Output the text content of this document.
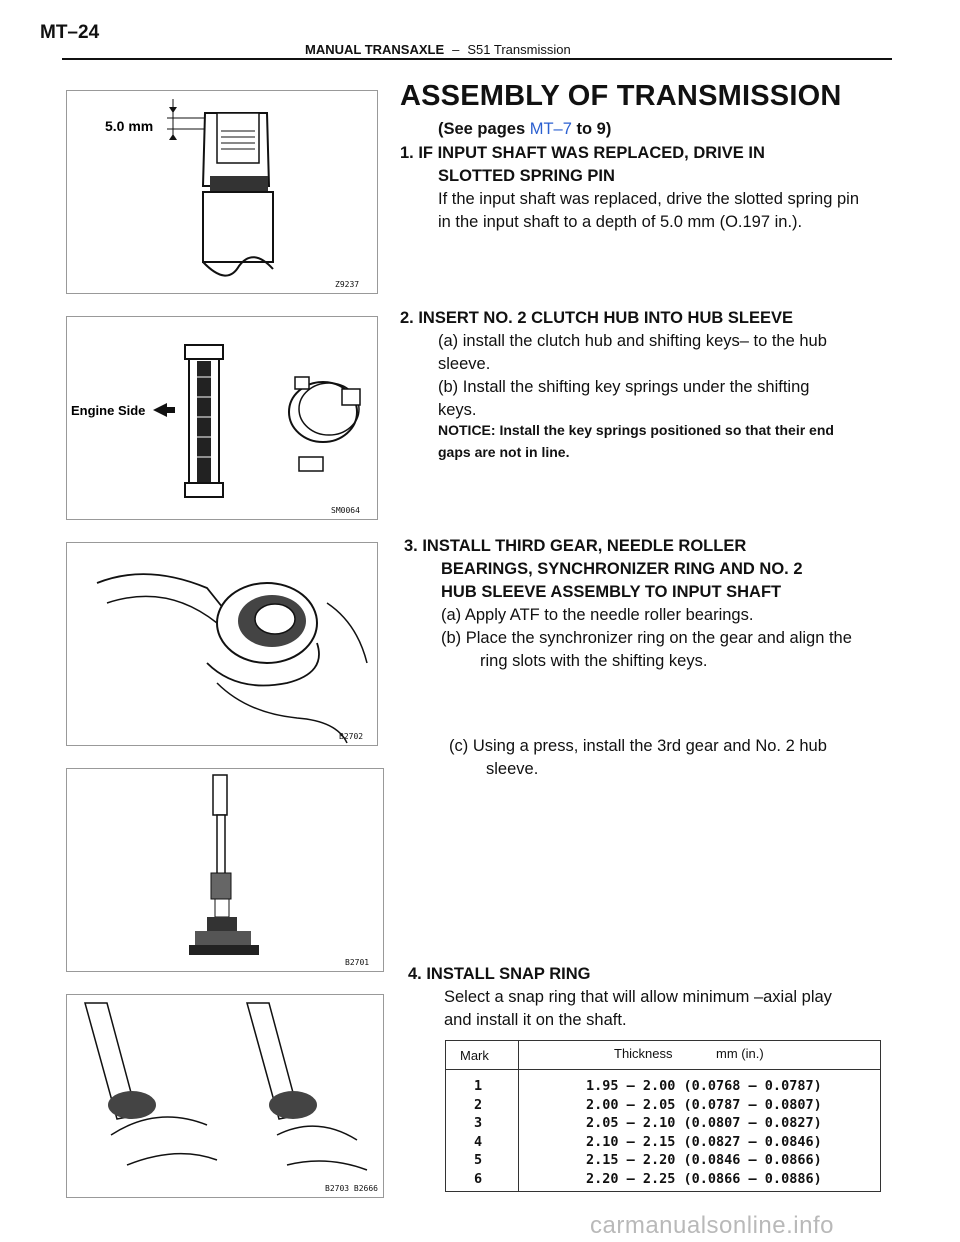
MT–24
MANUAL TRANSAXLE – S51 Transmission
5.0 mm
Z9237
Engine Side
SM0064
B2702
B2701
B2703 B2666
ASSEMBLY OF TRANSMISSION
(See pages MT–7 to 9)
1. IF INPUT SHAFT WAS REPLACED, DRIVE IN
SLOTTED SPRING PIN
If the input shaft was replaced, drive the slotted spring pin
in the input shaft to a depth of 5.0 mm (O.197 in.).
2. INSERT NO. 2 CLUTCH HUB INTO HUB SLEEVE
(a) install the clutch hub and shifting keys– to the hub
sleeve.
(b) Install the shifting key springs under the shifting
keys.
NOTICE: Install the key springs positioned so that their end
gaps are not in line.
3. INSTALL THIRD GEAR, NEEDLE ROLLER
BEARINGS, SYNCHRONIZER RING AND NO. 2
HUB SLEEVE ASSEMBLY TO INPUT SHAFT
(a) Apply ATF to the needle roller bearings.
(b) Place the synchronizer ring on the gear and align the
ring slots with the shifting keys.
(c) Using a press, install the 3rd gear and No. 2 hub
sleeve.
4. INSTALL SNAP RING
Select a snap ring that will allow minimum –axial play
and install it on the shaft.
Mark	Thickness	mm (in.)
1
2
3
4
5
6
1.95 — 2.00 (0.0768 — 0.0787)
2.00 — 2.05 (0.0787 — 0.0807)
2.05 — 2.10 (0.0807 — 0.0827)
2.10 — 2.15 (0.0827 — 0.0846)
2.15 — 2.20 (0.0846 — 0.0866)
2.20 — 2.25 (0.0866 — 0.0886)
carmanualsonline.info
